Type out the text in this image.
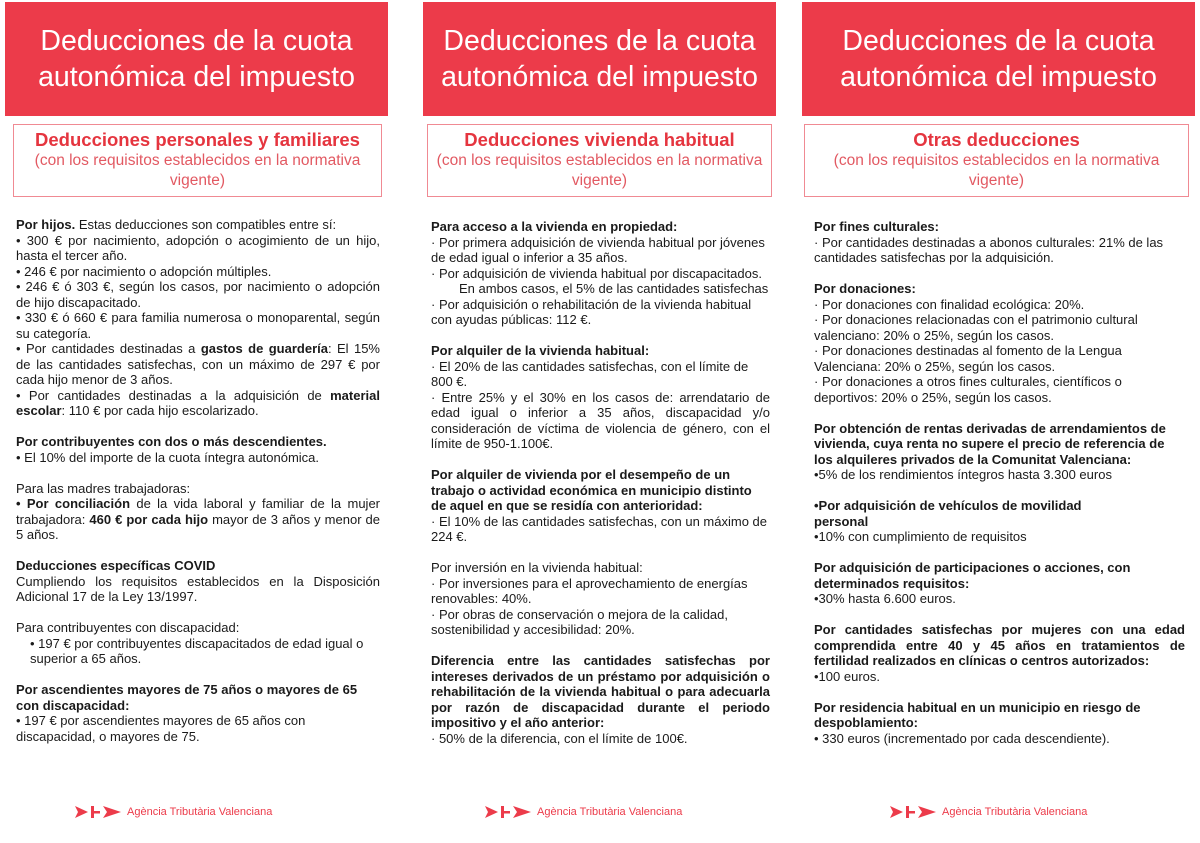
Deducciones de la cuota
autonómica del impuesto
Deducciones personales y familiares
(con los requisitos establecidos en la normativa vigente)

Por hijos. Estas deducciones son compatibles entre sí:

• 300 € por nacimiento, adopción o acogimiento de un hijo, hasta el tercer año.

• 246 € por nacimiento o adopción múltiples.

• 246 € ó 303 €, según los casos, por nacimiento o adopción de hijo discapacitado.

• 330 € ó 660 € para familia numerosa o monoparental, según su categoría.

• Por cantidades destinadas a gastos de guardería: El 15% de las cantidades satisfechas, con un máximo de 297 € por cada hijo menor de 3 años.

• Por cantidades destinadas a la adquisición de material escolar: 110 € por cada hijo escolarizado.

Por contribuyentes con dos o más descendientes.

• El 10% del importe de la cuota íntegra autonómica.

Para las madres trabajadoras:

• Por conciliación de la vida laboral y familiar de la mujer trabajadora: 460 € por cada hijo mayor de 3 años y menor de 5 años.

Deducciones específicas COVID

Cumpliendo los requisitos establecidos en la Disposición Adicional 17 de la Ley 13/1997.

Para contribuyentes con discapacidad:

• 197 € por contribuyentes discapacitados de edad igual o superior a 65 años.

Por ascendientes mayores de 75 años o mayores de 65 con discapacidad:

• 197 € por ascendientes mayores de 65 años con discapacidad, o mayores de 75.

Agència Tributària Valenciana
Deducciones de la cuota
autonómica del impuesto
Deducciones vivienda habitual
(con los requisitos establecidos en la normativa vigente)

Para acceso a la vivienda en propiedad:

· Por primera adquisición de vivienda habitual por jóvenes de edad igual o inferior a 35 años.

· Por adquisición de vivienda habitual por discapacitados.

En ambos casos, el 5% de las cantidades satisfechas

· Por adquisición o rehabilitación de la vivienda habitual con ayudas públicas: 112 €.

Por alquiler de la vivienda habitual:

· El 20% de las cantidades satisfechas, con el límite de 800 €.

· Entre 25% y el 30% en los casos de: arrendatario de edad igual o inferior a 35 años, discapacidad y/o consideración de víctima de violencia de género, con el límite de 950-1.100€.

Por alquiler de vivienda por el desempeño de un trabajo o actividad económica en municipio distinto de aquel en que se residía con anterioridad:

· El 10% de las cantidades satisfechas, con un máximo de 224 €.

Por inversión en la vivienda habitual:

· Por inversiones para el aprovechamiento de energías renovables: 40%.

· Por obras de conservación o mejora de la calidad, sostenibilidad y accesibilidad: 20%.

Diferencia entre las cantidades satisfechas por intereses derivados de un préstamo por adquisición o rehabilitación de la vivienda habitual o para adecuarla por razón de discapacidad durante el periodo impositivo y el año anterior:

· 50% de la diferencia, con el límite de 100€.

Agència Tributària Valenciana
Deducciones de la cuota
autonómica del impuesto
Otras deducciones
(con los requisitos establecidos en la normativa vigente)

Por fines culturales:

· Por cantidades destinadas a abonos culturales: 21% de las cantidades satisfechas por la adquisición.

Por donaciones:

· Por donaciones con finalidad ecológica: 20%.

· Por donaciones relacionadas con el patrimonio cultural valenciano: 20% o 25%, según los casos.

· Por donaciones destinadas al fomento de la Lengua Valenciana: 20% o 25%, según los casos.

· Por donaciones a otros fines culturales, científicos o deportivos: 20% o 25%, según los casos.

Por obtención de rentas derivadas de arrendamientos de vivienda, cuya renta no supere el precio de referencia de los alquileres privados de la Comunitat Valenciana:

•5% de los rendimientos íntegros hasta 3.300 euros

•Por adquisición de vehículos de movilidad personal

•10% con cumplimiento de requisitos

Por adquisición de participaciones o acciones, con determinados requisitos:

•30% hasta 6.600 euros.

Por cantidades satisfechas por mujeres con una edad comprendida entre 40 y 45 años en tratamientos de fertilidad realizados en clínicas o centros autorizados:

•100 euros.

Por residencia habitual en un municipio en riesgo de despoblamiento:

• 330 euros (incrementado por cada descendiente).

Agència Tributària Valenciana
